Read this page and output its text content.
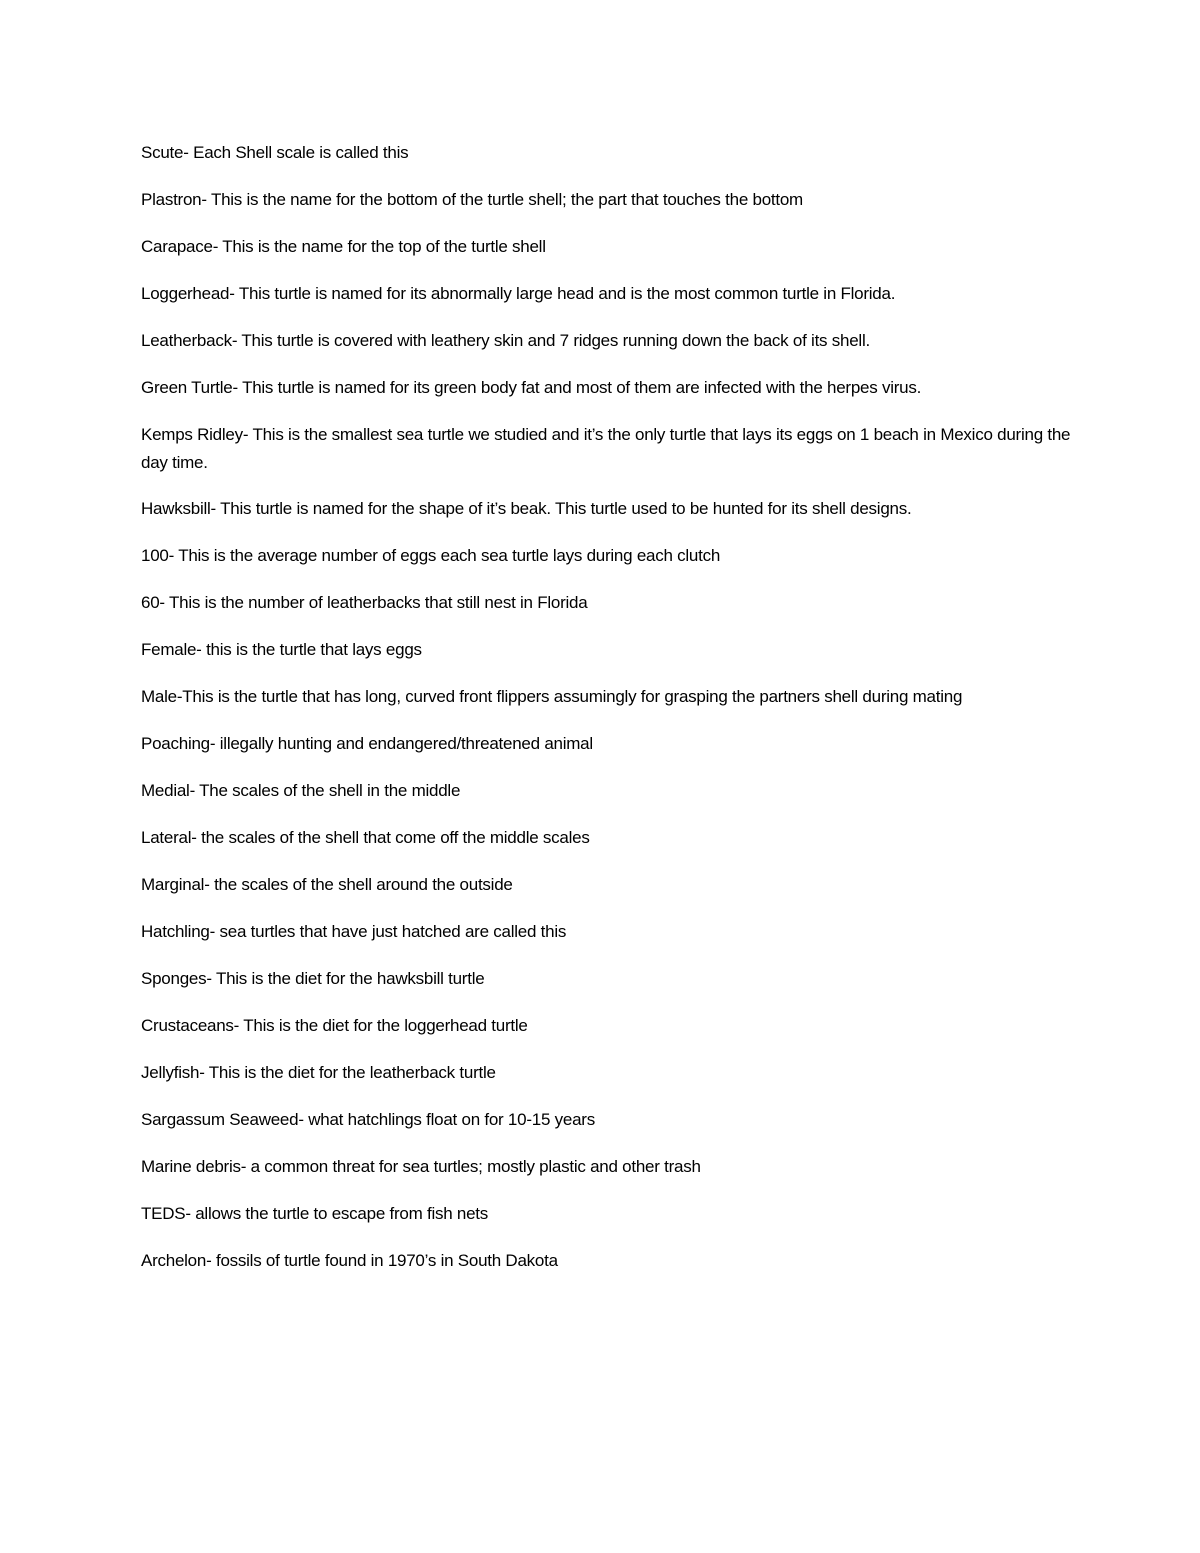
Scute- Each Shell scale is called this

Plastron- This is the name for the bottom of the turtle shell; the part that touches the bottom

Carapace- This is the name for the top of the turtle shell

Loggerhead- This turtle is named for its abnormally large head and is the most common turtle in Florida.

Leatherback- This turtle is covered with leathery skin and 7 ridges running down the back of its shell.

Green Turtle- This turtle is named for its green body fat and most of them are infected with the herpes virus.

Kemps Ridley- This is the smallest sea turtle we studied and it’s the only turtle that lays its eggs on 1 beach in Mexico during the day time.

Hawksbill- This turtle is named for the shape of it’s beak. This turtle used to be hunted for its shell designs.

100- This is the average number of eggs each sea turtle lays during each clutch

60- This is the number of leatherbacks that still nest in Florida

Female- this is the turtle that lays eggs

Male-This is the turtle that has long, curved front flippers assumingly for grasping the partners shell during mating

Poaching- illegally hunting and endangered/threatened animal

Medial- The scales of the shell in the middle

Lateral- the scales of the shell that come off the middle scales

Marginal- the scales of the shell around the outside

Hatchling- sea turtles that have just hatched are called this

Sponges- This is the diet for the hawksbill turtle

Crustaceans- This is the diet for the loggerhead turtle

Jellyfish- This is the diet for the leatherback turtle

Sargassum Seaweed- what hatchlings float on for 10-15 years

Marine debris- a common threat for sea turtles; mostly plastic and other trash

TEDS- allows the turtle to escape from fish nets

Archelon- fossils of turtle found in 1970’s in South Dakota
